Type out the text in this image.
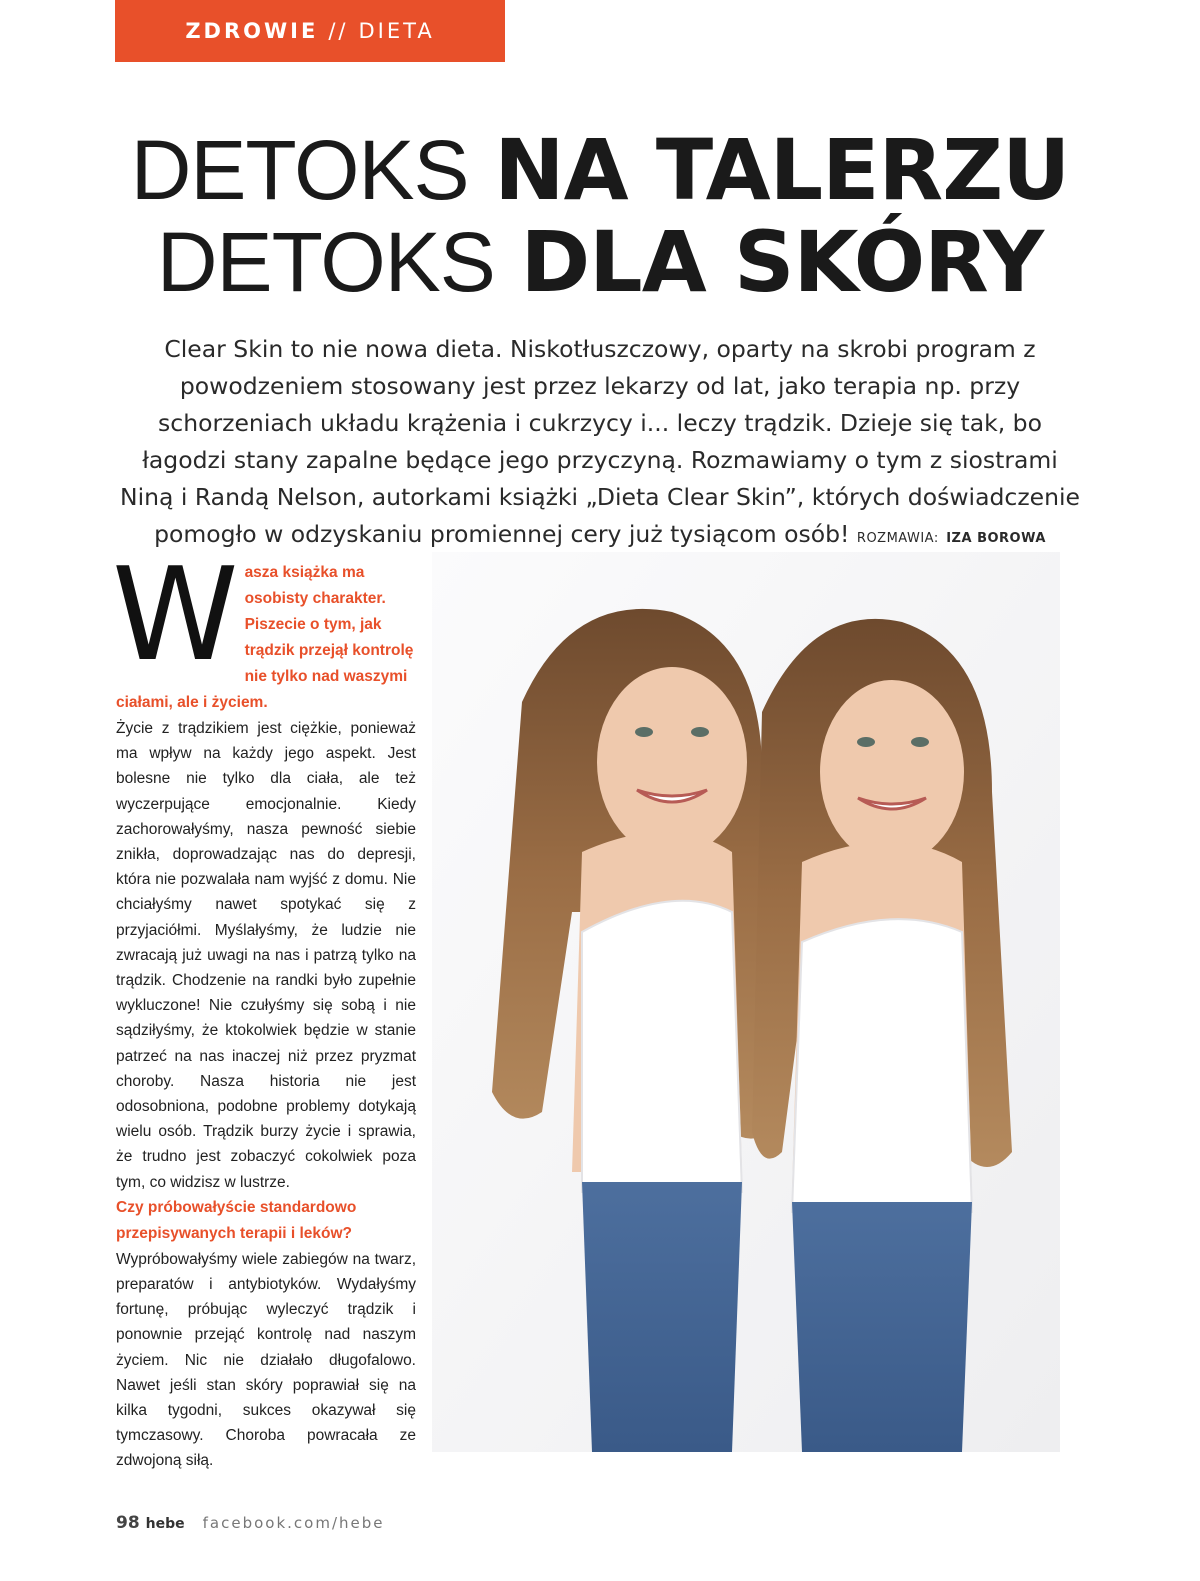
ZDROWIE // DIETA
DETOKS NA TALERZU
DETOKS DLA SKÓRY
Clear Skin to nie nowa dieta. Niskotłuszczowy, oparty na skrobi program z powodzeniem stosowany jest przez lekarzy od lat, jako terapia np. przy schorzeniach układu krążenia i cukrzycy i... leczy trądzik. Dzieje się tak, bo łagodzi stany zapalne będące jego przyczyną. Rozmawiamy o tym z siostrami Niną i Randą Nelson, autorkami książki „Dieta Clear Skin”, których doświadczenie pomogło w odzyskaniu promiennej cery już tysiącom osób! ROZMAWIA: IZA BOROWA
W asza książka ma osobisty charakter. Piszecie o tym, jak trądzik przejął kontrolę nie tylko nad waszymi ciałami, ale i życiem.
Życie z trądzikiem jest ciężkie, ponieważ ma wpływ na każdy jego aspekt. Jest bolesne nie tylko dla ciała, ale też wyczerpujące emocjonalnie. Kiedy zachorowałyśmy, nasza pewność siebie znikła, doprowadzając nas do depresji, która nie pozwalała nam wyjść z domu. Nie chciałyśmy nawet spotykać się z przyjaciółmi. Myślałyśmy, że ludzie nie zwracają już uwagi na nas i patrzą tylko na trądzik. Chodzenie na randki było zupełnie wykluczone! Nie czułyśmy się sobą i nie sądziłyśmy, że ktokolwiek będzie w stanie patrzeć na nas inaczej niż przez pryzmat choroby. Nasza historia nie jest odosobniona, podobne problemy dotykają wielu osób. Trądzik burzy życie i sprawia, że trudno jest zobaczyć cokolwiek poza tym, co widzisz w lustrze.
Czy próbowałyście standardowo przepisywanych terapii i leków?
Wypróbowałyśmy wiele zabiegów na twarz, preparatów i antybiotyków. Wydałyśmy fortunę, próbując wyleczyć trądzik i ponownie przejąć kontrolę nad naszym życiem. Nic nie działało długofalowo. Nawet jeśli stan skóry poprawiał się na kilka tygodni, sukces okazywał się tymczasowy. Choroba powracała ze zdwojoną siłą.
98 hebe facebook.com/hebe
